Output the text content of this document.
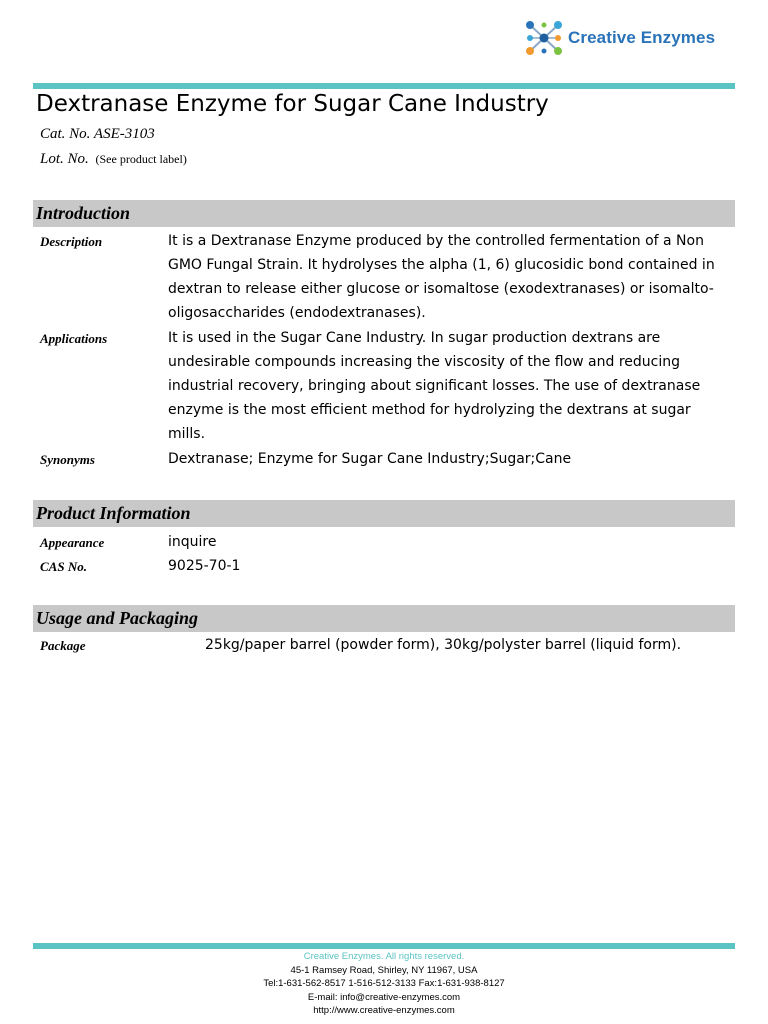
Creative Enzymes
Dextranase Enzyme for Sugar Cane Industry
Cat. No. ASE-3103
Lot. No. (See product label)
Introduction
Description	It is a Dextranase Enzyme produced by the controlled fermentation of a Non GMO Fungal Strain. It hydrolyses the alpha (1, 6) glucosidic bond contained in dextran to release either glucose or isomaltose (exodextranases) or isomalto-oligosaccharides (endodextranases).
Applications	It is used in the Sugar Cane Industry. In sugar production dextrans are undesirable compounds increasing the viscosity of the flow and reducing industrial recovery, bringing about significant losses. The use of dextranase enzyme is the most efficient method for hydrolyzing the dextrans at sugar mills.
Synonyms	Dextranase; Enzyme for Sugar Cane Industry;Sugar;Cane
Product Information
Appearance	inquire
CAS No.	9025-70-1
Usage and Packaging
Package	25kg/paper barrel (powder form), 30kg/polyster barrel (liquid form).
Creative Enzymes. All rights reserved.
45-1 Ramsey Road, Shirley, NY 11967, USA
Tel:1-631-562-8517 1-516-512-3133 Fax:1-631-938-8127
E-mail: info@creative-enzymes.com
http://www.creative-enzymes.com
